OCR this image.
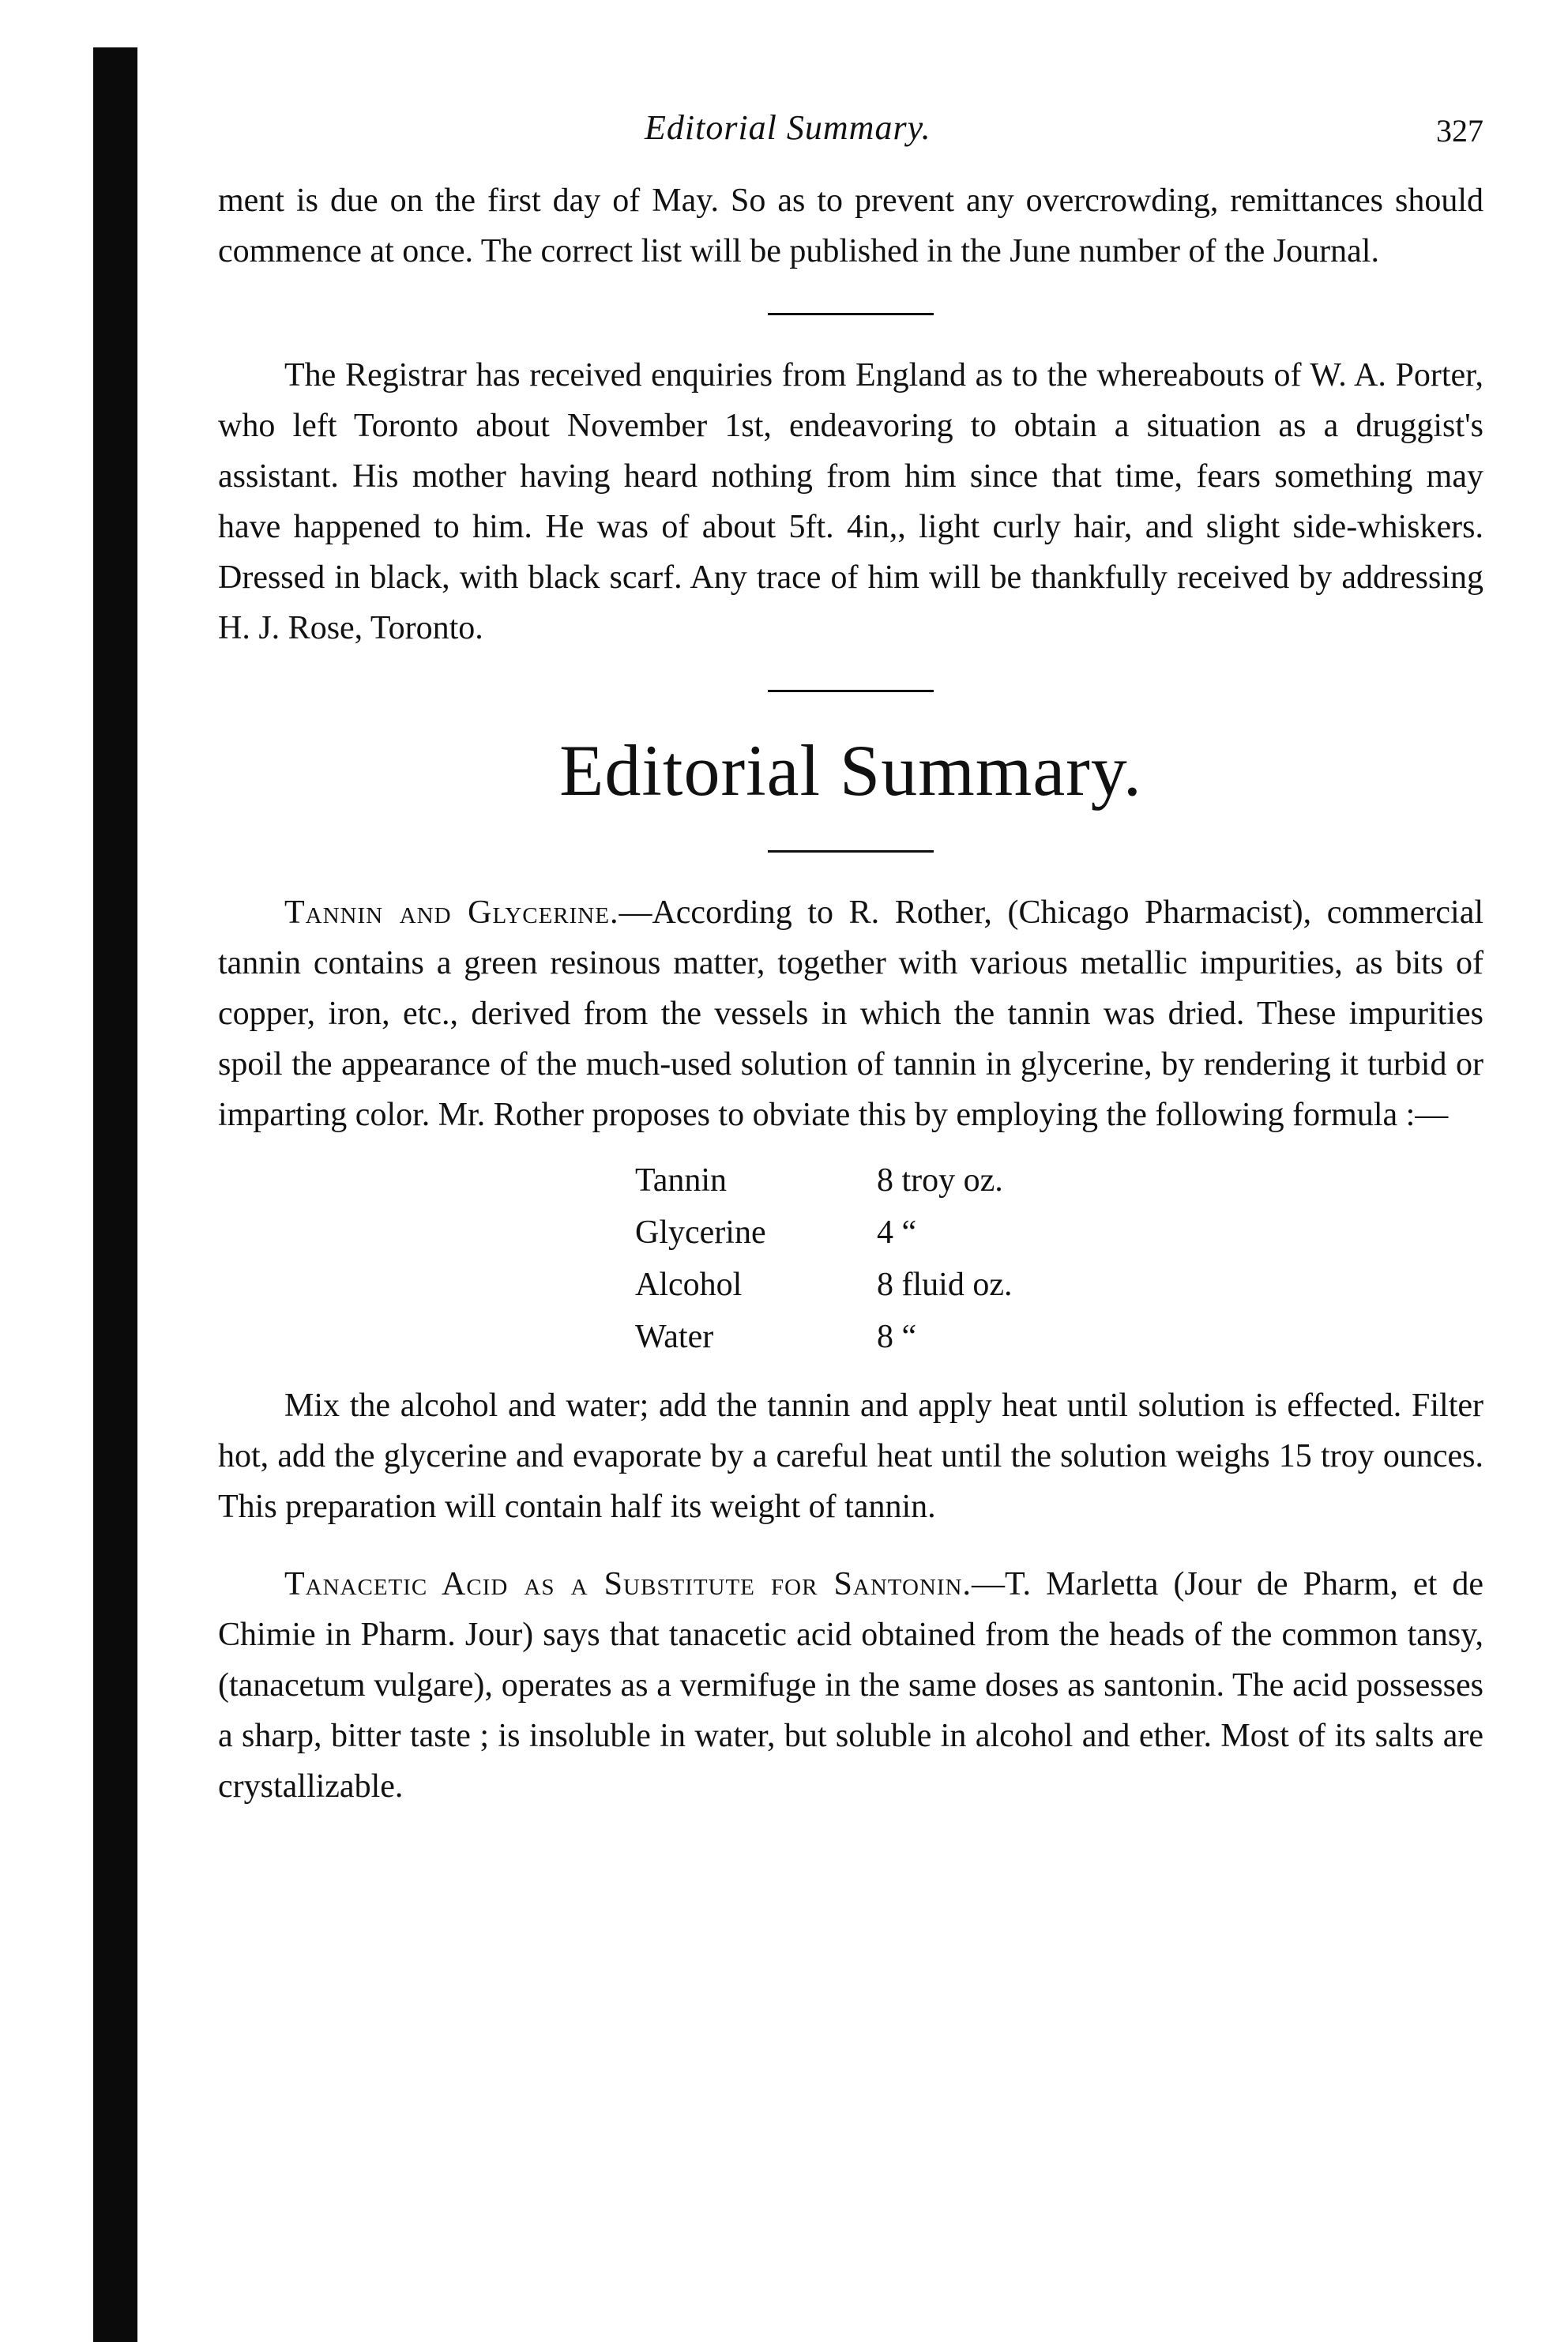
Editorial Summary.	327

ment is due on the first day of May. So as to prevent any overcrowding, remittances should commence at once. The correct list will be published in the June number of the Journal.

The Registrar has received enquiries from England as to the whereabouts of W. A. Porter, who left Toronto about November 1st, endeavoring to obtain a situation as a druggist's assistant. His mother having heard nothing from him since that time, fears something may have happened to him. He was of about 5ft. 4in,, light curly hair, and slight side-whiskers. Dressed in black, with black scarf. Any trace of him will be thankfully received by addressing H. J. Rose, Toronto.

Editorial Summary.

Tannin and Glycerine.—According to R. Rother, (Chicago Pharmacist), commercial tannin contains a green resinous matter, together with various metallic impurities, as bits of copper, iron, etc., derived from the vessels in which the tannin was dried. These impurities spoil the appearance of the much-used solution of tannin in glycerine, by rendering it turbid or imparting color. Mr. Rother proposes to obviate this by employing the following formula :—

Tannin	8 troy oz.
Glycerine	4 “
Alcohol	8 fluid oz.
Water	8 “

Mix the alcohol and water; add the tannin and apply heat until solution is effected. Filter hot, add the glycerine and evaporate by a careful heat until the solution weighs 15 troy ounces. This preparation will contain half its weight of tannin.

Tanacetic Acid as a Substitute for Santonin.—T. Marletta (Jour de Pharm, et de Chimie in Pharm. Jour) says that tanacetic acid obtained from the heads of the common tansy, (tanacetum vulgare), operates as a vermifuge in the same doses as santonin. The acid possesses a sharp, bitter taste ; is insoluble in water, but soluble in alcohol and ether. Most of its salts are crystallizable.
